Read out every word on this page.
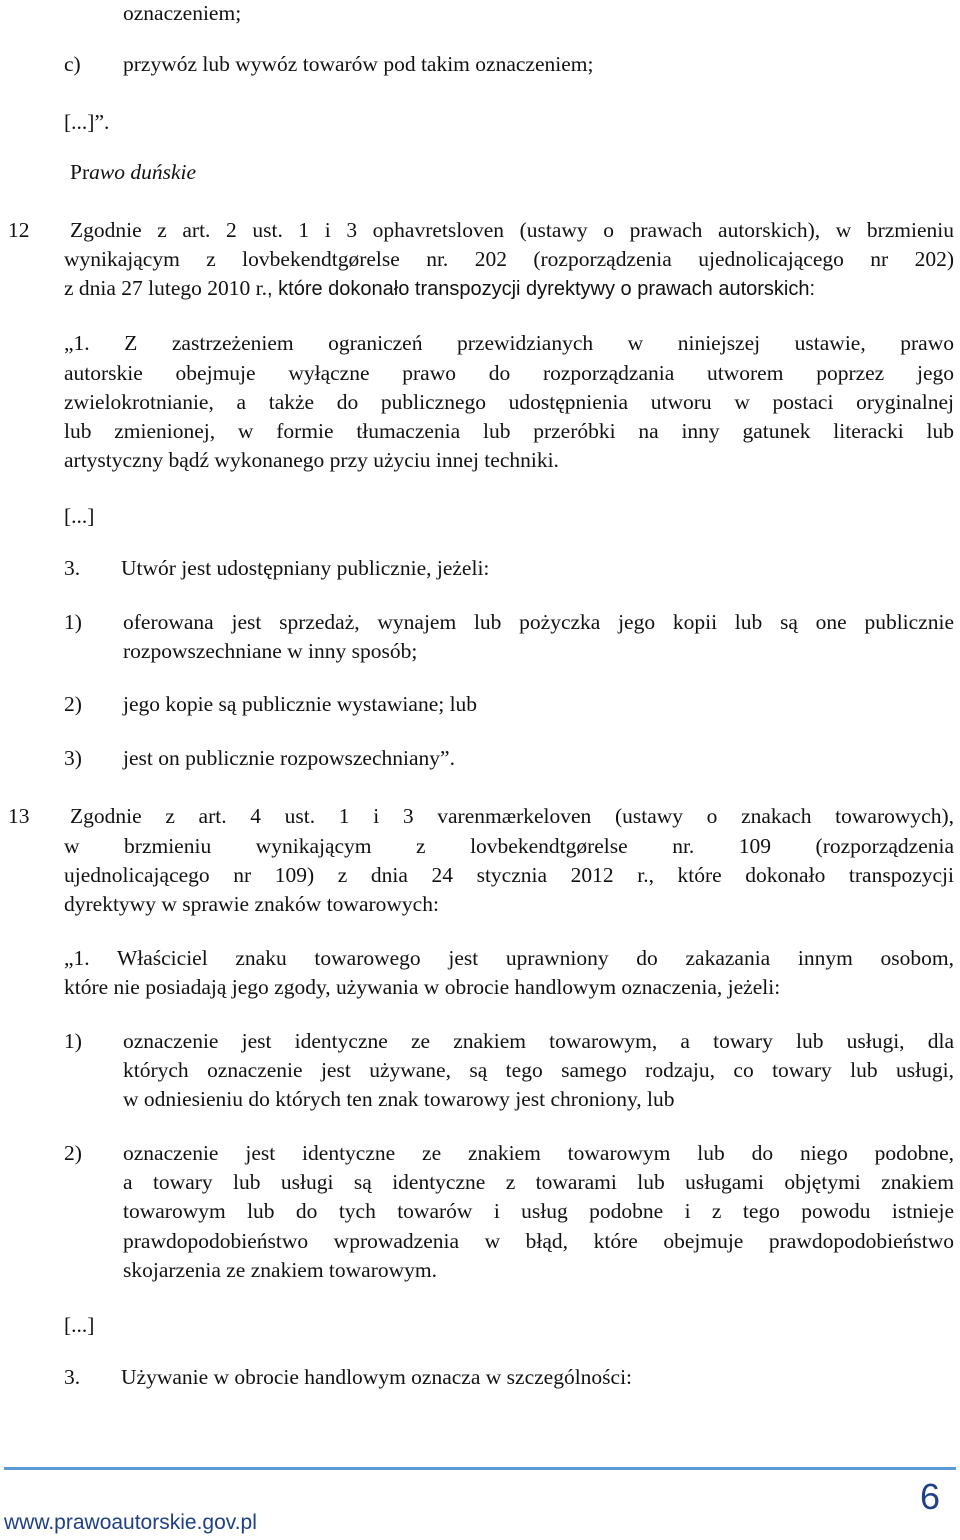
oznaczeniem;
c) przywóz lub wywóz towarów pod takim oznaczeniem;
[...]”.
Prawo duńskie
12 Zgodnie z art. 2 ust. 1 i 3 ophavretsloven (ustawy o prawach autorskich), w brzmieniu
wynikającym z lovbekendtgørelse nr. 202 (rozporządzenia ujednolicającego nr 202)
z dnia 27 lutego 2010 r., które dokonało transpozycji dyrektywy o prawach autorskich:
„1. Z zastrzeżeniem ograniczeń przewidzianych w niniejszej ustawie, prawo
autorskie obejmuje wyłączne prawo do rozporządzania utworem poprzez jego
zwielokrotnianie, a także do publicznego udostępnienia utworu w postaci oryginalnej
lub zmienionej, w formie tłumaczenia lub przeróbki na inny gatunek literacki lub
artystyczny bądź wykonanego przy użyciu innej techniki.
[...]
3. Utwór jest udostępniany publicznie, jeżeli:
1) oferowana jest sprzedaż, wynajem lub pożyczka jego kopii lub są one publicznie
rozpowszechniane w inny sposób;
2) jego kopie są publicznie wystawiane; lub
3) jest on publicznie rozpowszechniany”.
13 Zgodnie z art. 4 ust. 1 i 3 varenmærkeloven (ustawy o znakach towarowych),
w brzmieniu wynikającym z lovbekendtgørelse nr. 109 (rozporządzenia
ujednolicającego nr 109) z dnia 24 stycznia 2012 r., które dokonało transpozycji
dyrektywy w sprawie znaków towarowych:
„1. Właściciel znaku towarowego jest uprawniony do zakazania innym osobom,
które nie posiadają jego zgody, używania w obrocie handlowym oznaczenia, jeżeli:
1) oznaczenie jest identyczne ze znakiem towarowym, a towary lub usługi, dla
których oznaczenie jest używane, są tego samego rodzaju, co towary lub usługi,
w odniesieniu do których ten znak towarowy jest chroniony, lub
2) oznaczenie jest identyczne ze znakiem towarowym lub do niego podobne,
a towary lub usługi są identyczne z towarami lub usługami objętymi znakiem
towarowym lub do tych towarów i usług podobne i z tego powodu istnieje
prawdopodobieństwo wprowadzenia w błąd, które obejmuje prawdopodobieństwo
skojarzenia ze znakiem towarowym.
[...]
3. Używanie w obrocie handlowym oznacza w szczególności:
6
www.prawoautorskie.gov.pl
